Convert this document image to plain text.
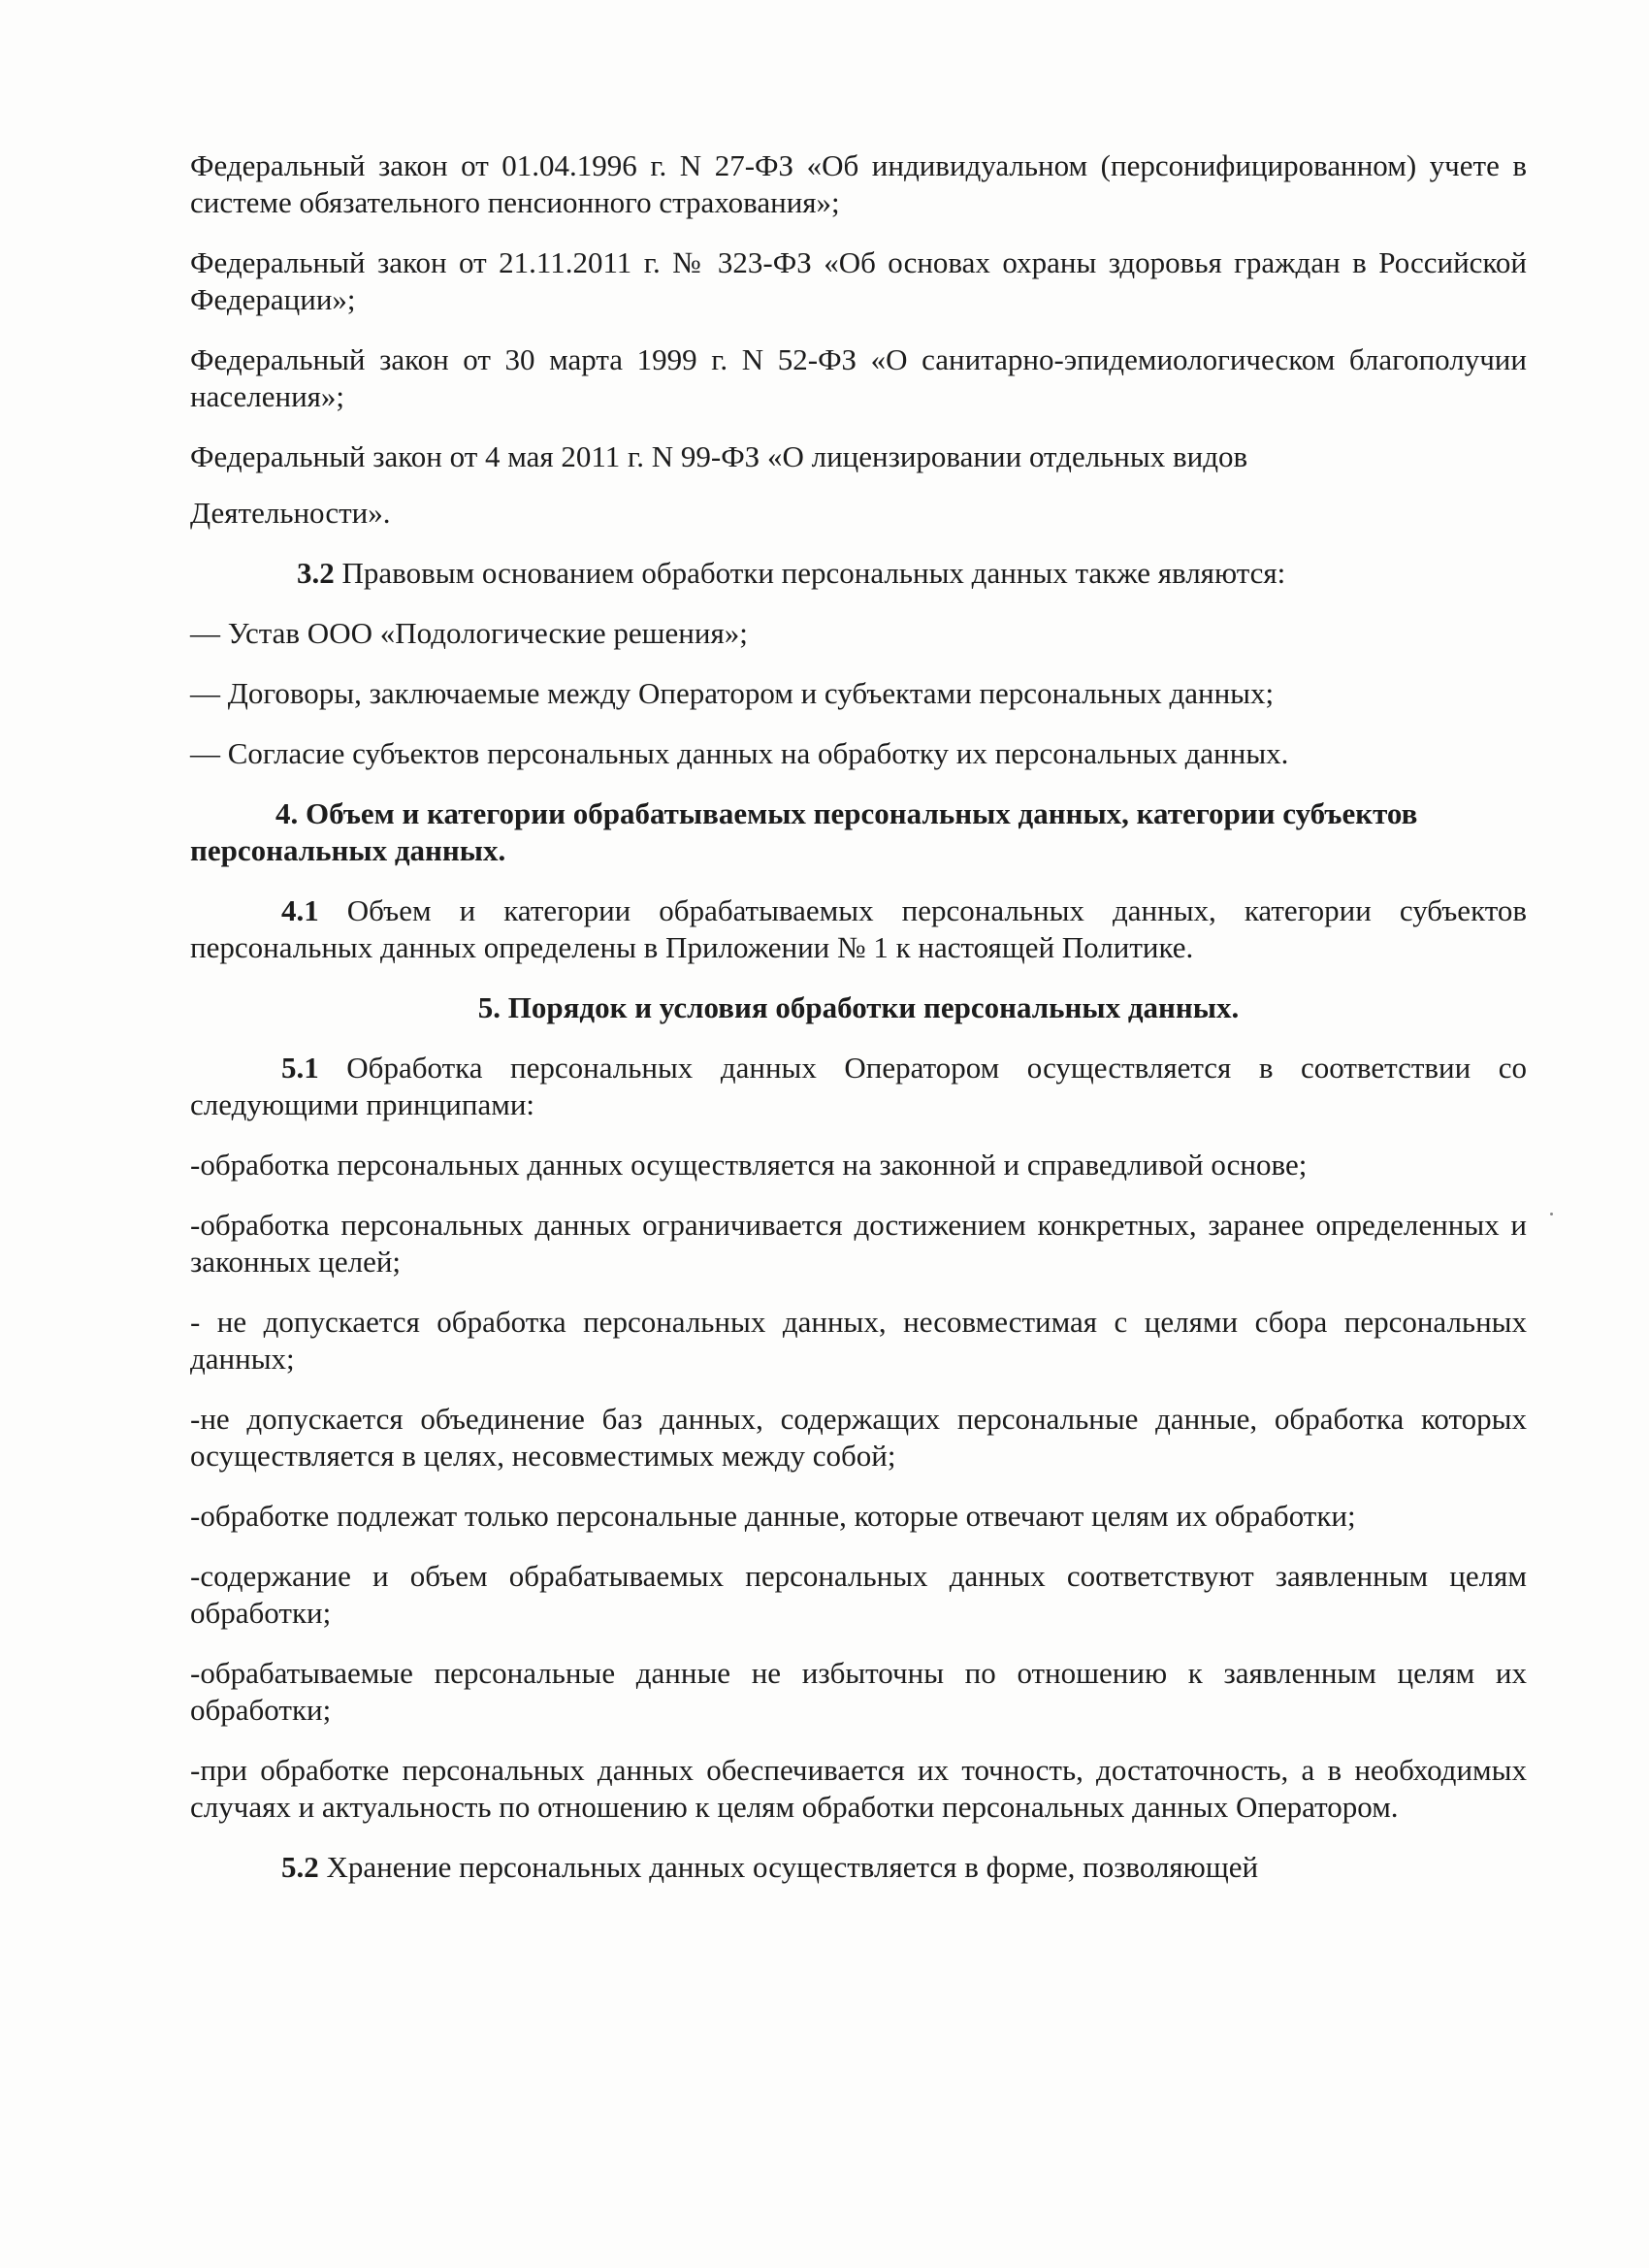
Федеральный закон от 01.04.1996 г. N 27-ФЗ «Об индивидуальном (персонифицированном) учете в системе обязательного пенсионного страхования»;

Федеральный закон от 21.11.2011 г. № 323-ФЗ «Об основах охраны здоровья граждан в Российской Федерации»;

Федеральный закон от 30 марта 1999 г. N 52-ФЗ «О санитарно-эпидемиологическом благополучии населения»;

Федеральный закон от 4 мая 2011 г. N 99-ФЗ «О лицензировании отдельных видов

Деятельности».

3.2 Правовым основанием обработки персональных данных также являются:

— Устав ООО «Подологические решения»;

— Договоры, заключаемые между Оператором и субъектами персональных данных;

— Согласие субъектов персональных данных на обработку их персональных данных.

4. Объем и категории обрабатываемых персональных данных, категории субъектов персональных данных.

4.1 Объем и категории обрабатываемых персональных данных, категории субъектов персональных данных определены в Приложении № 1 к настоящей Политике.

5. Порядок и условия обработки персональных данных.

5.1 Обработка персональных данных Оператором осуществляется в соответствии со следующими принципами:

-обработка персональных данных осуществляется на законной и справедливой основе;

-обработка персональных данных ограничивается достижением конкретных, заранее определенных и законных целей;

- не допускается обработка персональных данных, несовместимая с целями сбора персональных данных;

-не допускается объединение баз данных, содержащих персональные данные, обработка которых осуществляется в целях, несовместимых между собой;

-обработке подлежат только персональные данные, которые отвечают целям их обработки;

-содержание и объем обрабатываемых персональных данных соответствуют заявленным целям обработки;

-обрабатываемые персональные данные не избыточны по отношению к заявленным целям их обработки;

-при обработке персональных данных обеспечивается их точность, достаточность, а в необходимых случаях и актуальность по отношению к целям обработки персональных данных Оператором.

5.2 Хранение персональных данных осуществляется в форме, позволяющей
